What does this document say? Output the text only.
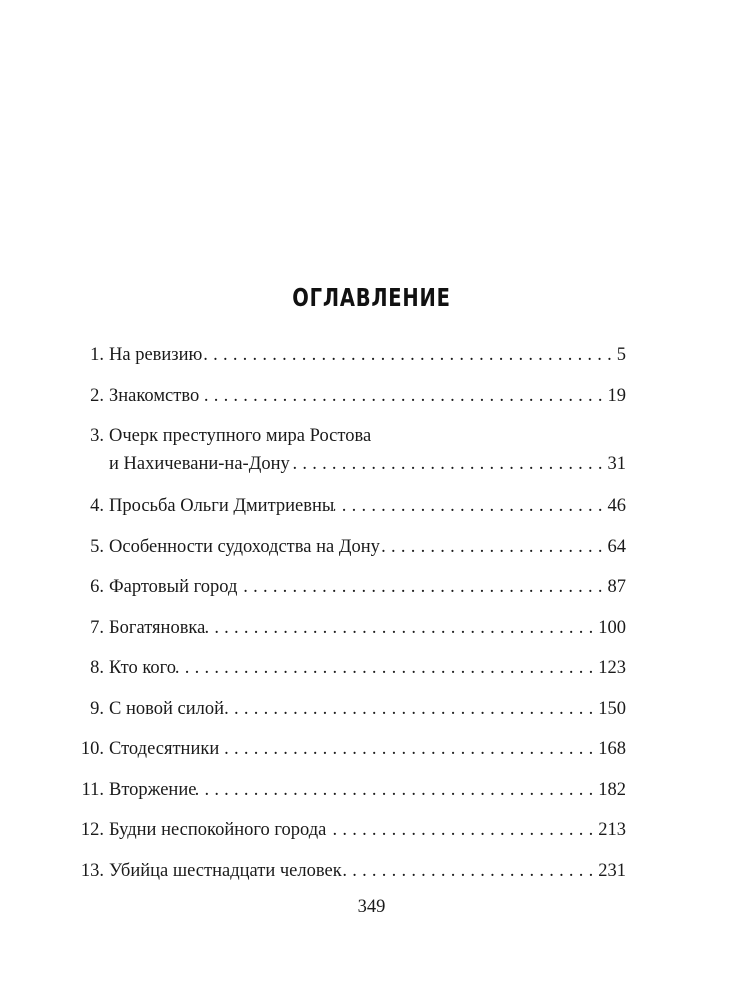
ОГЛАВЛЕНИЕ
1. На ревизию . . .	5
2. Знакомство . . .	19
3. Очерк преступного мира Ростова
и Нахичевани-на-Дону . . .	31
4. Просьба Ольги Дмитриевны . . .	46
5. Особенности судоходства на Дону . . .	64
6. Фартовый город . . .	87
7. Богатяновка . . .	100
8. Кто кого . . .	123
9. С новой силой . . .	150
10. Стодесятники . . .	168
11. Вторжение . . .	182
12. Будни неспокойного города . . .	213
13. Убийца шестнадцати человек . . .	231
349
